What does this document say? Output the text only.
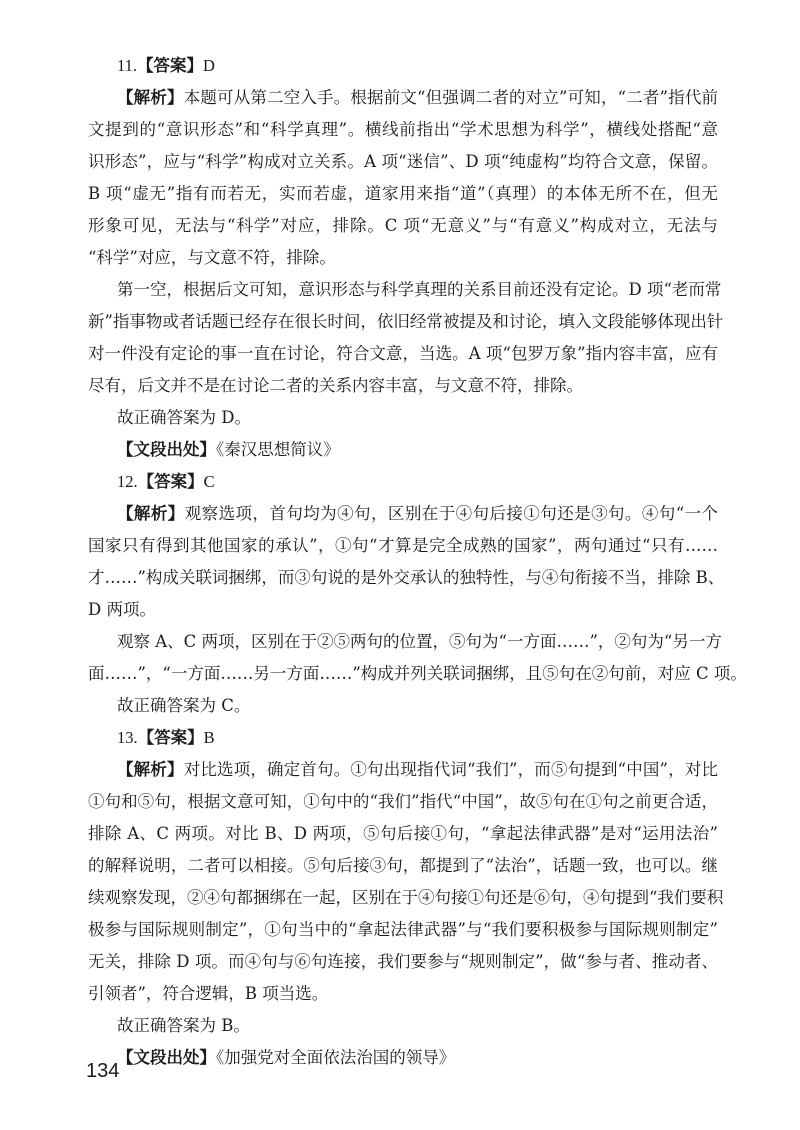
11.【答案】D
【解析】本题可从第二空入手。根据前文“但强调二者的对立”可知，“二者”指代前
文提到的“意识形态”和“科学真理”。横线前指出“学术思想为科学”，横线处搭配“意
识形态”，应与“科学”构成对立关系。A 项“迷信”、D 项“纯虚构”均符合文意，保留。
B 项“虚无”指有而若无，实而若虚，道家用来指“道”（真理）的本体无所不在，但无
形象可见，无法与“科学”对应，排除。C 项“无意义”与“有意义”构成对立，无法与
“科学”对应，与文意不符，排除。
第一空，根据后文可知，意识形态与科学真理的关系目前还没有定论。D 项“老而常
新”指事物或者话题已经存在很长时间，依旧经常被提及和讨论，填入文段能够体现出针
对一件没有定论的事一直在讨论，符合文意，当选。A 项“包罗万象”指内容丰富，应有
尽有，后文并不是在讨论二者的关系内容丰富，与文意不符，排除。
故正确答案为 D。
【文段出处】《秦汉思想简议》
12.【答案】C
【解析】观察选项，首句均为④句，区别在于④句后接①句还是③句。④句“一个
国家只有得到其他国家的承认”，①句“才算是完全成熟的国家”，两句通过“只有……
才……”构成关联词捆绑，而③句说的是外交承认的独特性，与④句衔接不当，排除 B、
D 两项。
观察 A、C 两项，区别在于②⑤两句的位置，⑤句为“一方面……”，②句为“另一方
面……”，“一方面……另一方面……”构成并列关联词捆绑，且⑤句在②句前，对应 C 项。
故正确答案为 C。
13.【答案】B
【解析】对比选项，确定首句。①句出现指代词“我们”，而⑤句提到“中国”，对比
①句和⑤句，根据文意可知，①句中的“我们”指代“中国”，故⑤句在①句之前更合适，
排除 A、C 两项。对比 B、D 两项，⑤句后接①句，“拿起法律武器”是对“运用法治”
的解释说明，二者可以相接。⑤句后接③句，都提到了“法治”，话题一致，也可以。继
续观察发现，②④句都捆绑在一起，区别在于④句接①句还是⑥句，④句提到“我们要积
极参与国际规则制定”，①句当中的“拿起法律武器”与“我们要积极参与国际规则制定”
无关，排除 D 项。而④句与⑥句连接，我们要参与“规则制定”，做“参与者、推动者、
引领者”，符合逻辑，B 项当选。
故正确答案为 B。
【文段出处】《加强党对全面依法治国的领导》
134
